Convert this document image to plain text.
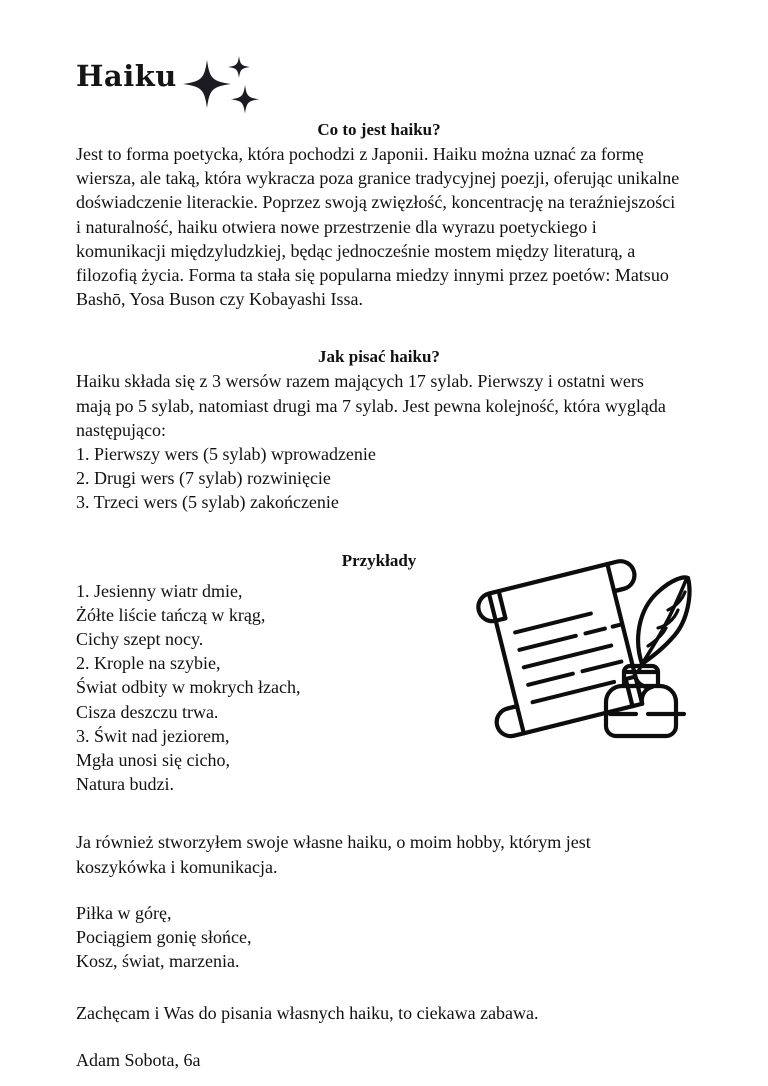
Haiku
Co to jest haiku?

Jest to forma poetycka, która pochodzi z Japonii. Haiku można uznać za formę wiersza, ale taką, która wykracza poza granice tradycyjnej poezji, oferując unikalne doświadczenie literackie. Poprzez swoją zwięzłość, koncentrację na teraźniejszości i naturalność, haiku otwiera nowe przestrzenie dla wyrazu poetyckiego i komunikacji międzyludzkiej, będąc jednocześnie mostem między literaturą, a filozofią życia. Forma ta stała się popularna miedzy innymi przez poetów: Matsuo Bashō, Yosa Buson czy Kobayashi Issa.

Jak pisać haiku?

Haiku składa się z 3 wersów razem mających 17 sylab. Pierwszy i ostatni wers mają po 5 sylab, natomiast drugi ma 7 sylab. Jest pewna kolejność, która wygląda następująco:

1. Pierwszy wers (5 sylab) wprowadzenie
2. Drugi wers (7 sylab) rozwinięcie
3. Trzeci wers (5 sylab) zakończenie
Przykłady
1. Jesienny wiatr dmie,
Żółte liście tańczą w krąg,
Cichy szept nocy.
2. Krople na szybie,
Świat odbity w mokrych łzach,
Cisza deszczu trwa.
3. Świt nad jeziorem,
Mgła unosi się cicho,
Natura budzi.

Ja również stworzyłem swoje własne haiku, o moim hobby, którym jest koszykówka i komunikacja.

Piłka w górę,
Pociągiem gonię słońce,
Kosz, świat, marzenia.

Zachęcam i Was do pisania własnych haiku, to ciekawa zabawa.

Adam Sobota, 6a
